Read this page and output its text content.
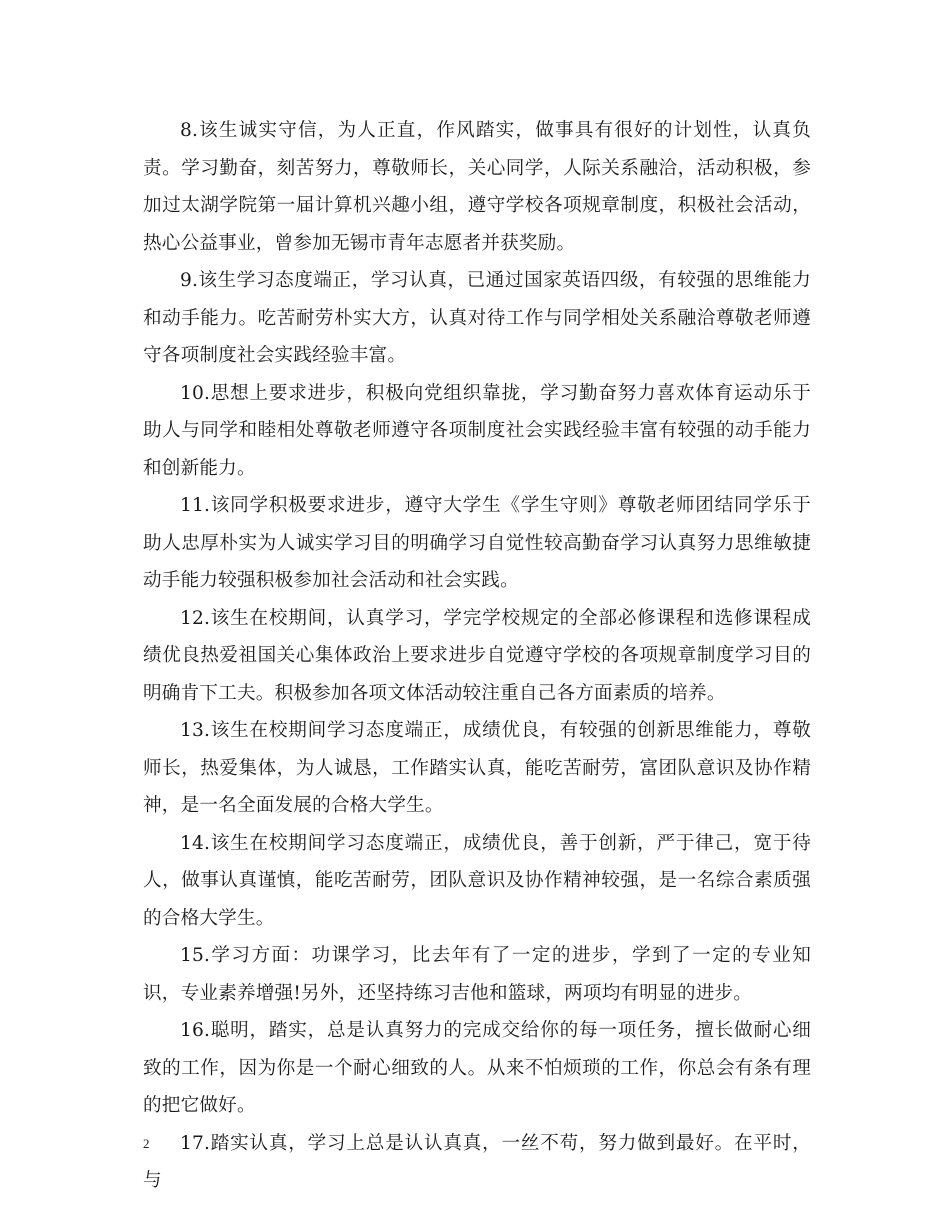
8.该生诚实守信，为人正直，作风踏实，做事具有很好的计划性，认真负责。学习勤奋，刻苦努力，尊敬师长，关心同学，人际关系融洽，活动积极，参加过太湖学院第一届计算机兴趣小组，遵守学校各项规章制度，积极社会活动，热心公益事业，曾参加无锡市青年志愿者并获奖励。

9.该生学习态度端正，学习认真，已通过国家英语四级，有较强的思维能力和动手能力。吃苦耐劳朴实大方，认真对待工作与同学相处关系融洽尊敬老师遵守各项制度社会实践经验丰富。

10.思想上要求进步，积极向党组织靠拢，学习勤奋努力喜欢体育运动乐于助人与同学和睦相处尊敬老师遵守各项制度社会实践经验丰富有较强的动手能力和创新能力。

11.该同学积极要求进步，遵守大学生《学生守则》尊敬老师团结同学乐于助人忠厚朴实为人诚实学习目的明确学习自觉性较高勤奋学习认真努力思维敏捷动手能力较强积极参加社会活动和社会实践。

12.该生在校期间，认真学习，学完学校规定的全部必修课程和选修课程成绩优良热爱祖国关心集体政治上要求进步自觉遵守学校的各项规章制度学习目的明确肯下工夫。积极参加各项文体活动较注重自己各方面素质的培养。

13.该生在校期间学习态度端正，成绩优良，有较强的创新思维能力，尊敬师长，热爱集体，为人诚恳，工作踏实认真，能吃苦耐劳，富团队意识及协作精神，是一名全面发展的合格大学生。

14.该生在校期间学习态度端正，成绩优良，善于创新，严于律己，宽于待人，做事认真谨慎，能吃苦耐劳，团队意识及协作精神较强，是一名综合素质强的合格大学生。

15.学习方面：功课学习，比去年有了一定的进步，学到了一定的专业知识，专业素养增强!另外，还坚持练习吉他和篮球，两项均有明显的进步。

16.聪明，踏实，总是认真努力的完成交给你的每一项任务，擅长做耐心细致的工作，因为你是一个耐心细致的人。从来不怕烦琐的工作，你总会有条有理的把它做好。

17.踏实认真，学习上总是认认真真，一丝不苟，努力做到最好。在平时，与

2
